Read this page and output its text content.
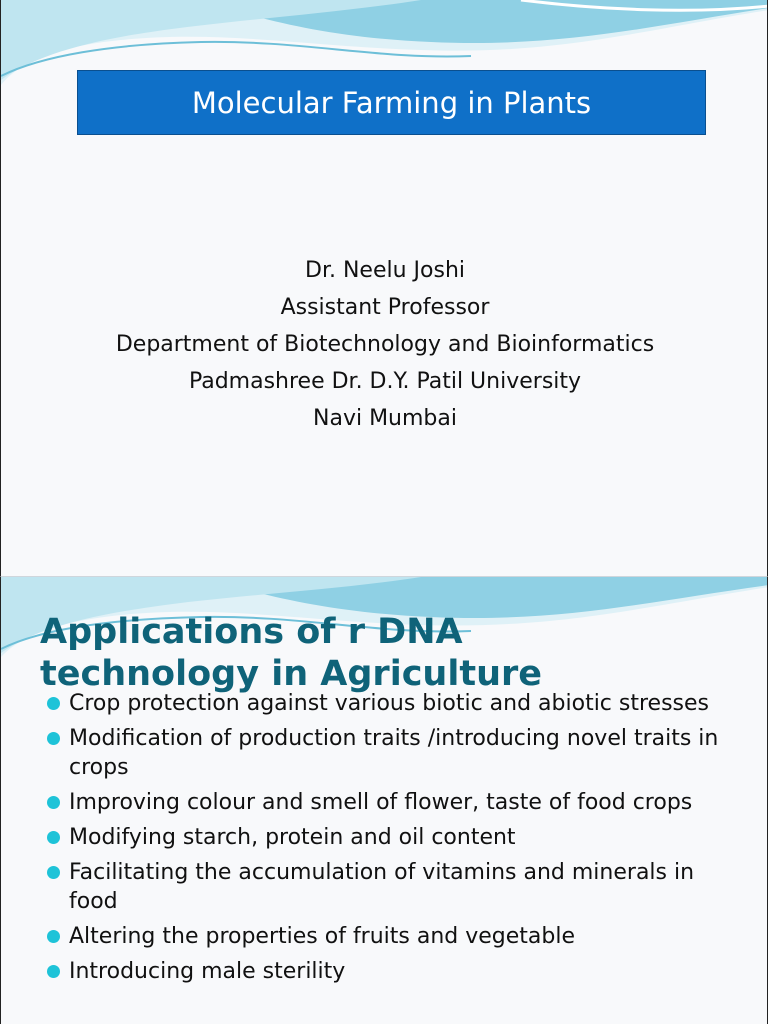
Molecular Farming in Plants
Dr. Neelu Joshi
Assistant Professor
Department of Biotechnology and Bioinformatics
Padmashree Dr. D.Y. Patil University
Navi Mumbai
Applications of r DNA
technology in Agriculture
Crop protection against various biotic and abiotic stresses
Modification of production traits /introducing novel traits in crops
Improving colour and smell of flower, taste of food crops
Modifying starch, protein and oil content
Facilitating the accumulation of vitamins and minerals in food
Altering the properties of fruits and vegetable
Introducing male sterility
